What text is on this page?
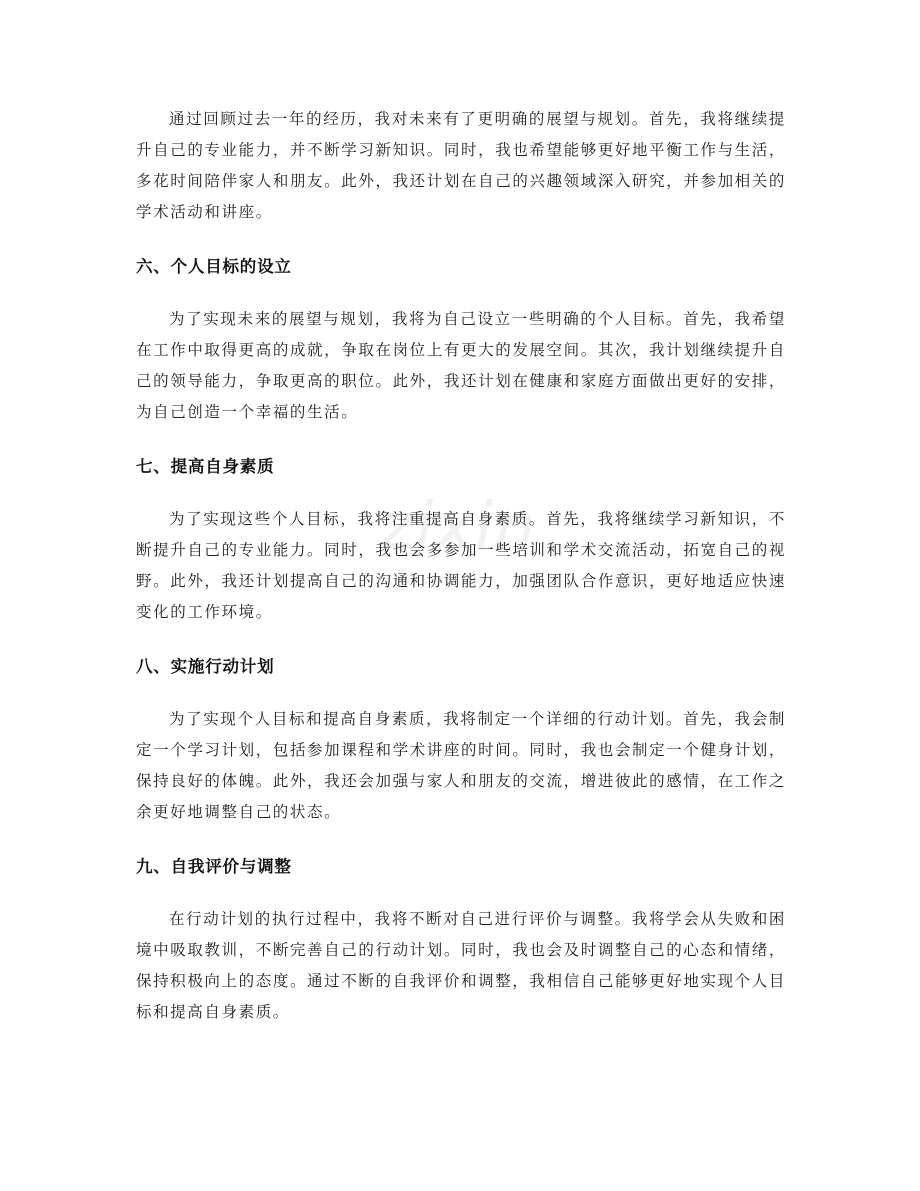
zixin

通过回顾过去一年的经历，我对未来有了更明确的展望与规划。首先，我将继续提升自己的专业能力，并不断学习新知识。同时，我也希望能够更好地平衡工作与生活，多花时间陪伴家人和朋友。此外，我还计划在自己的兴趣领域深入研究，并参加相关的学术活动和讲座。

六、个人目标的设立

为了实现未来的展望与规划，我将为自己设立一些明确的个人目标。首先，我希望在工作中取得更高的成就，争取在岗位上有更大的发展空间。其次，我计划继续提升自己的领导能力，争取更高的职位。此外，我还计划在健康和家庭方面做出更好的安排，为自己创造一个幸福的生活。

七、提高自身素质

为了实现这些个人目标，我将注重提高自身素质。首先，我将继续学习新知识，不断提升自己的专业能力。同时，我也会多参加一些培训和学术交流活动，拓宽自己的视野。此外，我还计划提高自己的沟通和协调能力，加强团队合作意识，更好地适应快速变化的工作环境。

八、实施行动计划

为了实现个人目标和提高自身素质，我将制定一个详细的行动计划。首先，我会制定一个学习计划，包括参加课程和学术讲座的时间。同时，我也会制定一个健身计划，保持良好的体魄。此外，我还会加强与家人和朋友的交流，增进彼此的感情，在工作之余更好地调整自己的状态。

九、自我评价与调整

在行动计划的执行过程中，我将不断对自己进行评价与调整。我将学会从失败和困境中吸取教训，不断完善自己的行动计划。同时，我也会及时调整自己的心态和情绪，保持积极向上的态度。通过不断的自我评价和调整，我相信自己能够更好地实现个人目标和提高自身素质。
